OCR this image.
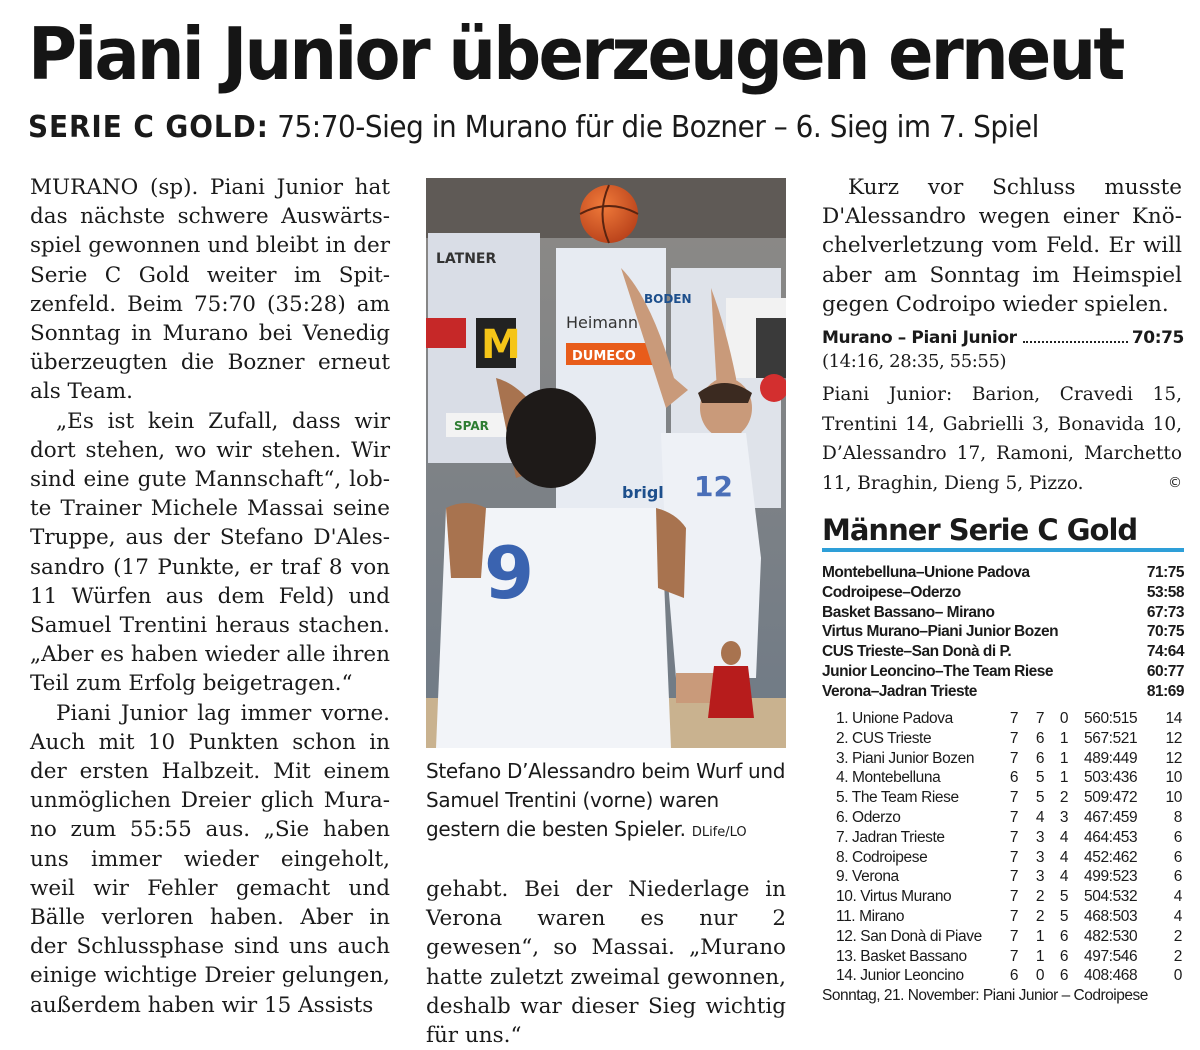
Piani Junior überzeugen erneut
SERIE C GOLD: 75:70-Sieg in Murano für die Bozner – 6. Sieg im 7. Spiel

MURANO (sp). Piani Junior hat das nächste schwere Auswärtsspiel gewonnen und bleibt in der Serie C Gold weiter im Spitzenfeld. Beim 75:70 (35:28) am Sonntag in Murano bei Venedig überzeugten die Bozner erneut als Team.

„Es ist kein Zufall, dass wir dort stehen, wo wir stehen. Wir sind eine gute Mannschaft“, lobte Trainer Michele Massai seine Truppe, aus der Stefano D'Alessandro (17 Punkte, er traf 8 von 11 Würfen aus dem Feld) und Samuel Trentini heraus stachen. „Aber es haben wieder alle ihren Teil zum Erfolg beigetragen.“

Piani Junior lag immer vorne. Auch mit 10 Punkten schon in der ersten Halbzeit. Mit einem unmöglichen Dreier glich Murano zum 55:55 aus. „Sie haben uns immer wieder eingeholt, weil wir Fehler gemacht und Bälle verloren haben. Aber in der Schlussphase sind uns auch einige wichtige Dreier gelungen, außerdem haben wir 15 Assists

LATNER
M	Heimann
DUMECO
BODEN
SPAR
brigl 12
9
Stefano D’Alessandro beim Wurf und Samuel Trentini (vorne) waren gestern die besten Spieler. DLife/LO

gehabt. Bei der Niederlage in Verona waren es nur 2 gewesen“, so Massai. „Murano hatte zuletzt zweimal gewonnen, deshalb war dieser Sieg wichtig für uns.“

Kurz vor Schluss musste D'Alessandro wegen einer Knöchelverletzung vom Feld. Er will aber am Sonntag im Heimspiel gegen Codroipo wieder spielen.

Murano – Piani Junior	70:75
(14:16, 28:35, 55:55)
Piani Junior: Barion, Cravedi 15, Trentini 14, Gabrielli 3, Bonavida 10, D’Alessandro 17, Ramoni, Marchetto 11, Braghin, Dieng 5, Pizzo.	©
Männer Serie C Gold
Montebelluna–Unione Padova	71:75
Codroipese–Oderzo	53:58
Basket Bassano– Mirano	67:73
Virtus Murano–Piani Junior Bozen	70:75
CUS Trieste–San Donà di P.	74:64
Junior Leoncino–The Team Riese	60:77
Verona–Jadran Trieste	81:69
1. Unione Padova	7 7 0 560:515 14
2. CUS Trieste	7 6 1 567:521 12
3. Piani Junior Bozen 7 6 1 489:449 12
4. Montebelluna	6 5 1 503:436 10
5. The Team Riese	7 5 2 509:472 10
6. Oderzo	7 4 3 467:459 8
7. Jadran Trieste	7 3 4 464:453 6
8. Codroipese	7 3 4 452:462 6
9. Verona	7 3 4 499:523 6
10. Virtus Murano	7 2 5 504:532 4
11. Mirano	7 2 5 468:503 4
12. San Donà di Piave 7 1 6 482:530 2
13. Basket Bassano	7 1 6 497:546 2
14. Junior Leoncino	6 0 6 408:468 0
Sonntag, 21. November: Piani Junior – Codroipese
